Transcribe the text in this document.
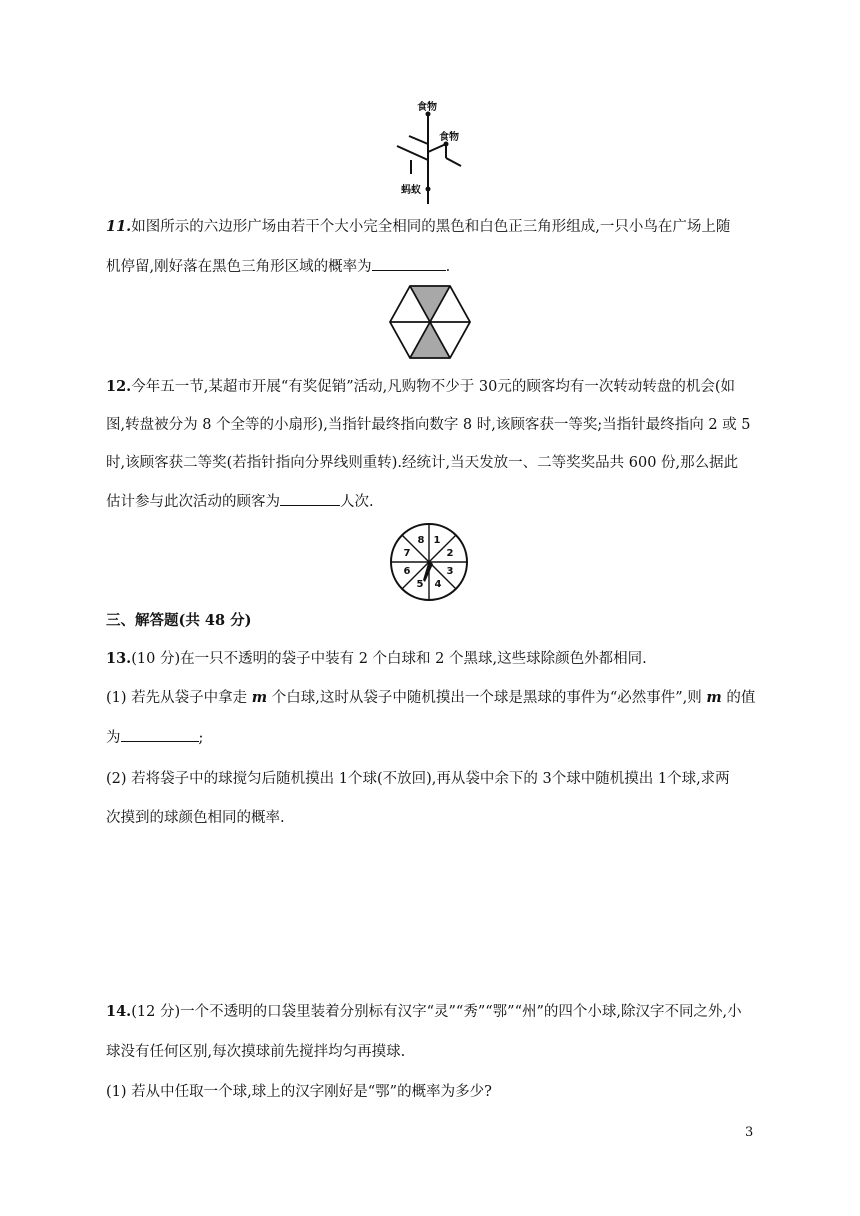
食物
食物
蚂蚁
11.如图所示的六边形广场由若干个大小完全相同的黑色和白色正三角形组成,一只小鸟在广场上随
机停留,刚好落在黑色三角形区域的概率为	.
12.今年五一节,某超市开展“有奖促销”活动,凡购物不少于 30元的顾客均有一次转动转盘的机会(如
图,转盘被分为 8 个全等的小扇形),当指针最终指向数字 8 时,该顾客获一等奖;当指针最终指向 2 或 5
时,该顾客获二等奖(若指针指向分界线则重转).经统计,当天发放一、二等奖奖品共 600 份,那么据此
估计参与此次活动的顾客为	人次.
1
2
3
4
5
6
7
8
三、解答题(共 48 分)
13.(10 分)在一只不透明的袋子中装有 2 个白球和 2 个黑球,这些球除颜色外都相同.
(1) 若先从袋子中拿走 m 个白球,这时从袋子中随机摸出一个球是黑球的事件为“必然事件”,则 m 的值
为	;
(2) 若将袋子中的球搅匀后随机摸出 1个球(不放回),再从袋中余下的 3个球中随机摸出 1个球,求两
次摸到的球颜色相同的概率.
14.(12 分)一个不透明的口袋里装着分别标有汉字“灵”“秀”“鄂”“州”的四个小球,除汉字不同之外,小
球没有任何区别,每次摸球前先搅拌均匀再摸球.
(1) 若从中任取一个球,球上的汉字刚好是“鄂”的概率为多少?
3
